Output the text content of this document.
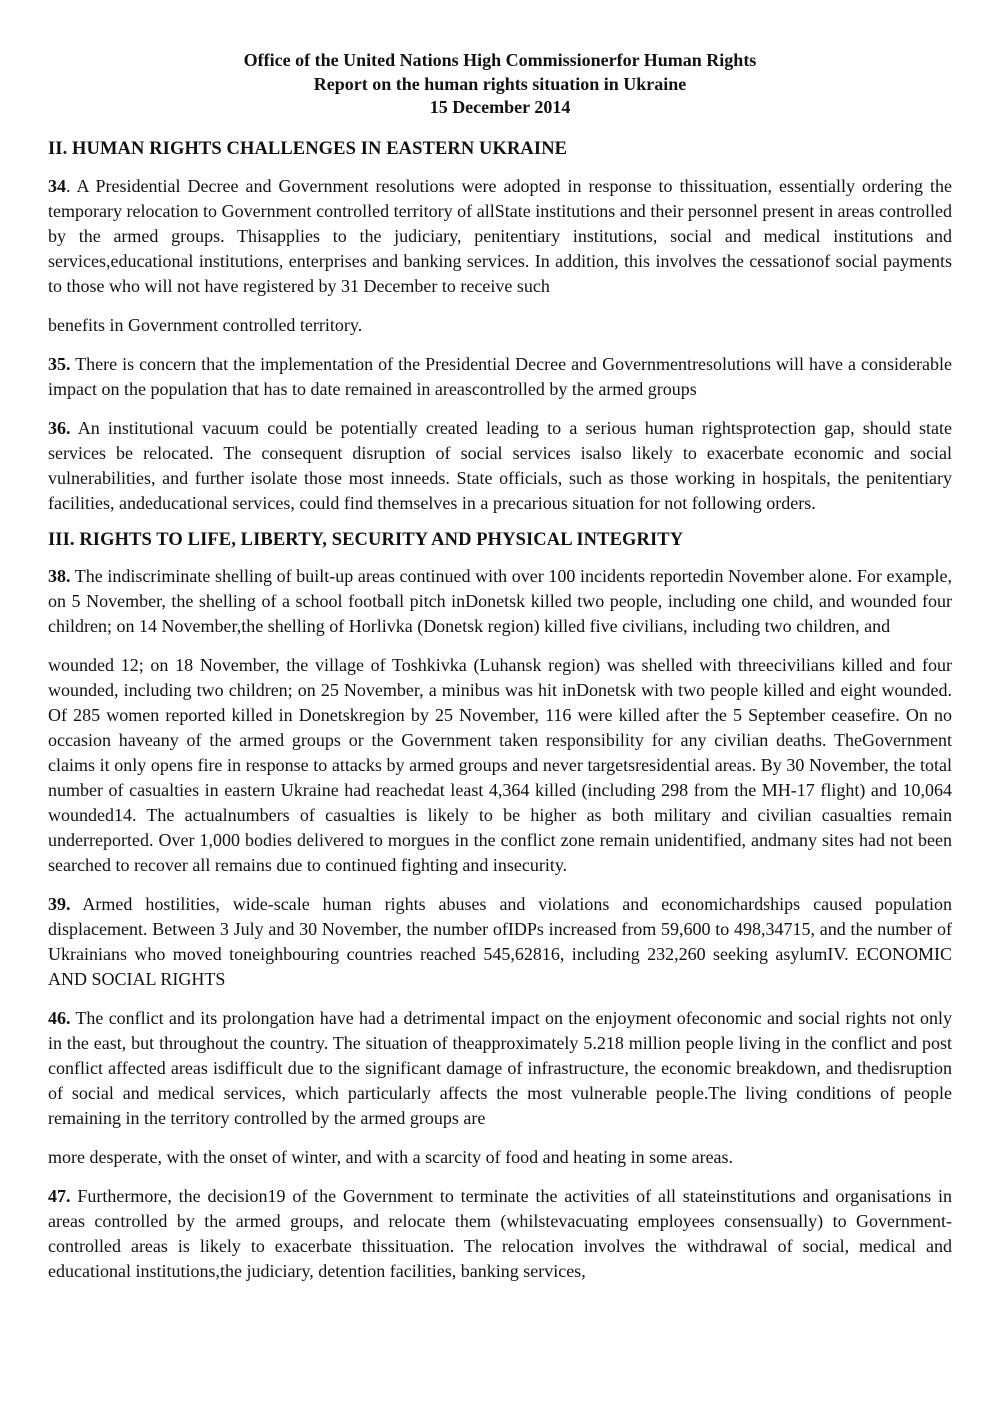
Office of the United Nations High Commissionerfor Human Rights
Report on the human rights situation in Ukraine
15 December 2014
II. HUMAN RIGHTS CHALLENGES IN EASTERN UKRAINE

34. A Presidential Decree and Government resolutions were adopted in response to thissituation, essentially ordering the temporary relocation to Government controlled territory of allState institutions and their personnel present in areas controlled by the armed groups. Thisapplies to the judiciary, penitentiary institutions, social and medical institutions and services,educational institutions, enterprises and banking services. In addition, this involves the cessationof social payments to those who will not have registered by 31 December to receive such

benefits in Government controlled territory.

35. There is concern that the implementation of the Presidential Decree and Governmentresolutions will have a considerable impact on the population that has to date remained in areascontrolled by the armed groups

36. An institutional vacuum could be potentially created leading to a serious human rightsprotection gap, should state services be relocated. The consequent disruption of social services isalso likely to exacerbate economic and social vulnerabilities, and further isolate those most inneeds. State officials, such as those working in hospitals, the penitentiary facilities, andeducational services, could find themselves in a precarious situation for not following orders.

III. RIGHTS TO LIFE, LIBERTY, SECURITY AND PHYSICAL INTEGRITY

38. The indiscriminate shelling of built-up areas continued with over 100 incidents reportedin November alone. For example, on 5 November, the shelling of a school football pitch inDonetsk killed two people, including one child, and wounded four children; on 14 November,the shelling of Horlivka (Donetsk region) killed five civilians, including two children, and

wounded 12; on 18 November, the village of Toshkivka (Luhansk region) was shelled with threecivilians killed and four wounded, including two children; on 25 November, a minibus was hit inDonetsk with two people killed and eight wounded. Of 285 women reported killed in Donetskregion by 25 November, 116 were killed after the 5 September ceasefire. On no occasion haveany of the armed groups or the Government taken responsibility for any civilian deaths. TheGovernment claims it only opens fire in response to attacks by armed groups and never targetsresidential areas. By 30 November, the total number of casualties in eastern Ukraine had reachedat least 4,364 killed (including 298 from the MH-17 flight) and 10,064 wounded14. The actualnumbers of casualties is likely to be higher as both military and civilian casualties remain underreported. Over 1,000 bodies delivered to morgues in the conflict zone remain unidentified, andmany sites had not been searched to recover all remains due to continued fighting and insecurity.

39. Armed hostilities, wide-scale human rights abuses and violations and economichardships caused population displacement. Between 3 July and 30 November, the number ofIDPs increased from 59,600 to 498,34715, and the number of Ukrainians who moved toneighbouring countries reached 545,62816, including 232,260 seeking asylumIV. ECONOMIC AND SOCIAL RIGHTS

46. The conflict and its prolongation have had a detrimental impact on the enjoyment ofeconomic and social rights not only in the east, but throughout the country. The situation of theapproximately 5.218 million people living in the conflict and post conflict affected areas isdifficult due to the significant damage of infrastructure, the economic breakdown, and thedisruption of social and medical services, which particularly affects the most vulnerable people.The living conditions of people remaining in the territory controlled by the armed groups are

more desperate, with the onset of winter, and with a scarcity of food and heating in some areas.

47. Furthermore, the decision19 of the Government to terminate the activities of all stateinstitutions and organisations in areas controlled by the armed groups, and relocate them (whilstevacuating employees consensually) to Government-controlled areas is likely to exacerbate thissituation. The relocation involves the withdrawal of social, medical and educational institutions,the judiciary, detention facilities, banking services,
